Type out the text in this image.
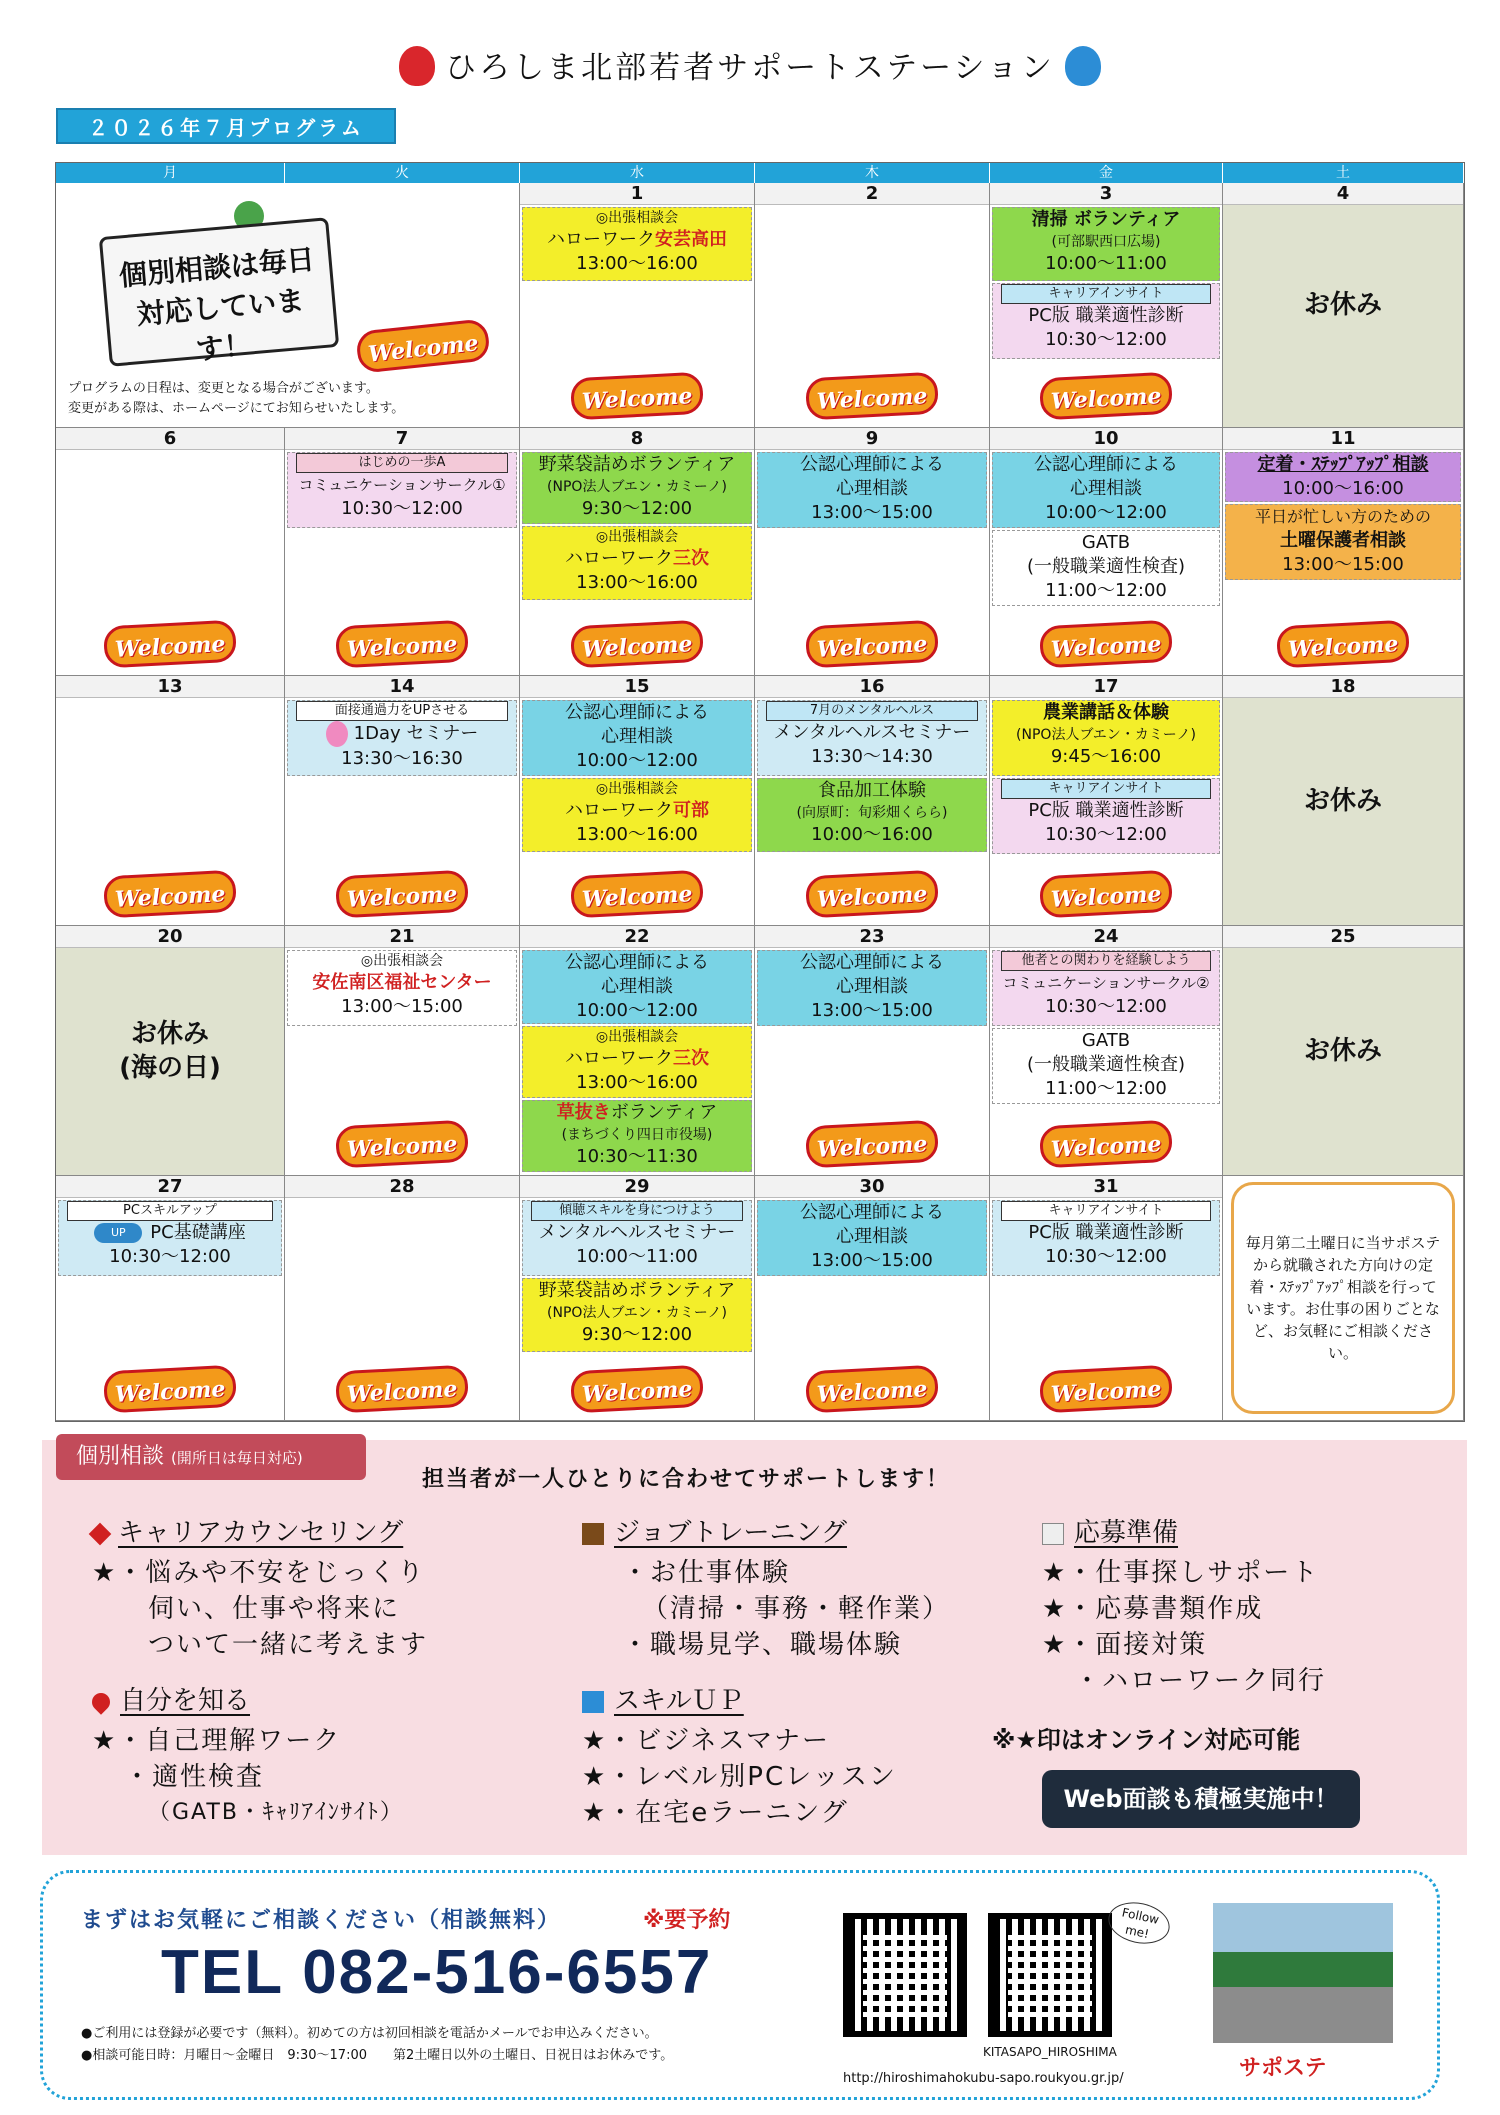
ひろしま北部若者サポートステーション
２０２６年７月プログラム
月	火	水	木	金	土
個別相談は毎日対応しています！	Welcome
プログラムの日程は、変更となる場合がございます。
変更がある際は、ホームページにてお知らせいたします。
1
◎出張相談会
ハローワーク安芸高田
13:00～16:00
Welcome
2
Welcome
3
清掃 ボランティア
(可部駅西口広場)
10:00～11:00
キャリアインサイト
PC版 職業適性診断
10:30～12:00
Welcome
4
お休み
6
Welcome
7
はじめの一歩A
コミュニケーションサークル①
10:30～12:00
Welcome
8
野菜袋詰めボランティア
(NPO法人ブエン・カミーノ)
9:30～12:00
◎出張相談会
ハローワーク三次
13:00～16:00
Welcome
9
公認心理師による
心理相談
13:00～15:00
Welcome
10
公認心理師による
心理相談
10:00～12:00
GATB
(一般職業適性検査)
11:00～12:00
Welcome
11
定着・ｽﾃｯﾌﾟｱｯﾌﾟ相談
10:00～16:00
平日が忙しい方のための
土曜保護者相談
13:00～15:00
Welcome
13
Welcome
14
面接通過力をUPさせる
1Day セミナー
13:30～16:30
Welcome
15
公認心理師による
心理相談
10:00～12:00
◎出張相談会
ハローワーク可部
13:00～16:00
Welcome
16
7月のメンタルヘルス
メンタルヘルスセミナー
13:30～14:30
食品加工体験
(向原町：旬彩畑くらら)
10:00～16:00
Welcome
17
農業講話＆体験
(NPO法人ブエン・カミーノ)
9:45～16:00
キャリアインサイト
PC版 職業適性診断
10:30～12:00
Welcome
18
お休み
20
お休み
(海の日)
21
◎出張相談会
安佐南区福祉センター
13:00～15:00
Welcome
22
公認心理師による
心理相談
10:00～12:00
◎出張相談会
ハローワーク三次
13:00～16:00
草抜きボランティア
(まちづくり四日市役場)
10:30～11:30
23
公認心理師による
心理相談
13:00～15:00
Welcome
24
他者との関わりを経験しよう
コミュニケーションサークル②
10:30～12:00
GATB
(一般職業適性検査)
11:00～12:00
Welcome
25
お休み
27
PCスキルアップ
UP PC基礎講座
10:30～12:00
Welcome
28
Welcome
29
傾聴スキルを身につけよう
メンタルヘルスセミナー
10:00～11:00
野菜袋詰めボランティア
(NPO法人ブエン・カミーノ)
9:30～12:00
Welcome
30
公認心理師による
心理相談
13:00～15:00
Welcome
31
キャリアインサイト
PC版 職業適性診断
10:30～12:00
Welcome
毎月第二土曜日に当サポステから就職された方向けの定着・ｽﾃｯﾌﾟｱｯﾌﾟ相談を行っています。お仕事の困りごとなど、お気軽にご相談ください。
個別相談 (開所日は毎日対応)
担当者が一人ひとりに合わせてサポートします！
キャリアカウンセリング
★・悩みや不安をじっくり
伺い、仕事や将来に
ついて一緒に考えます
ジョブトレーニング
・お仕事体験
（清掃・事務・軽作業）
・職場見学、職場体験
応募準備
★・仕事探しサポート
★・応募書類作成
★・面接対策
・ハローワーク同行
自分を知る
★・自己理解ワーク
・適性検査
（GATB・ｷｬﾘｱｲﾝｻｲﾄ）
スキルＵＰ
★・ビジネスマナー
★・レベル別PCレッスン
★・在宅eラーニング
※★印はオンライン対応可能
Web面談も積極実施中！
まずはお気軽にご相談ください（相談無料）	※要予約
TEL 082-516-6557
●ご利用には登録が必要です（無料）。初めての方は初回相談を電話かメールでお申込みください。
●相談可能日時：月曜日～金曜日　9:30～17:00　　第2土曜日以外の土曜日、日祝日はお休みです。
Follow me!
KITASAPO_HIROSHIMA
http://hiroshimahokubu-sapo.roukyou.gr.jp/	サポステ
